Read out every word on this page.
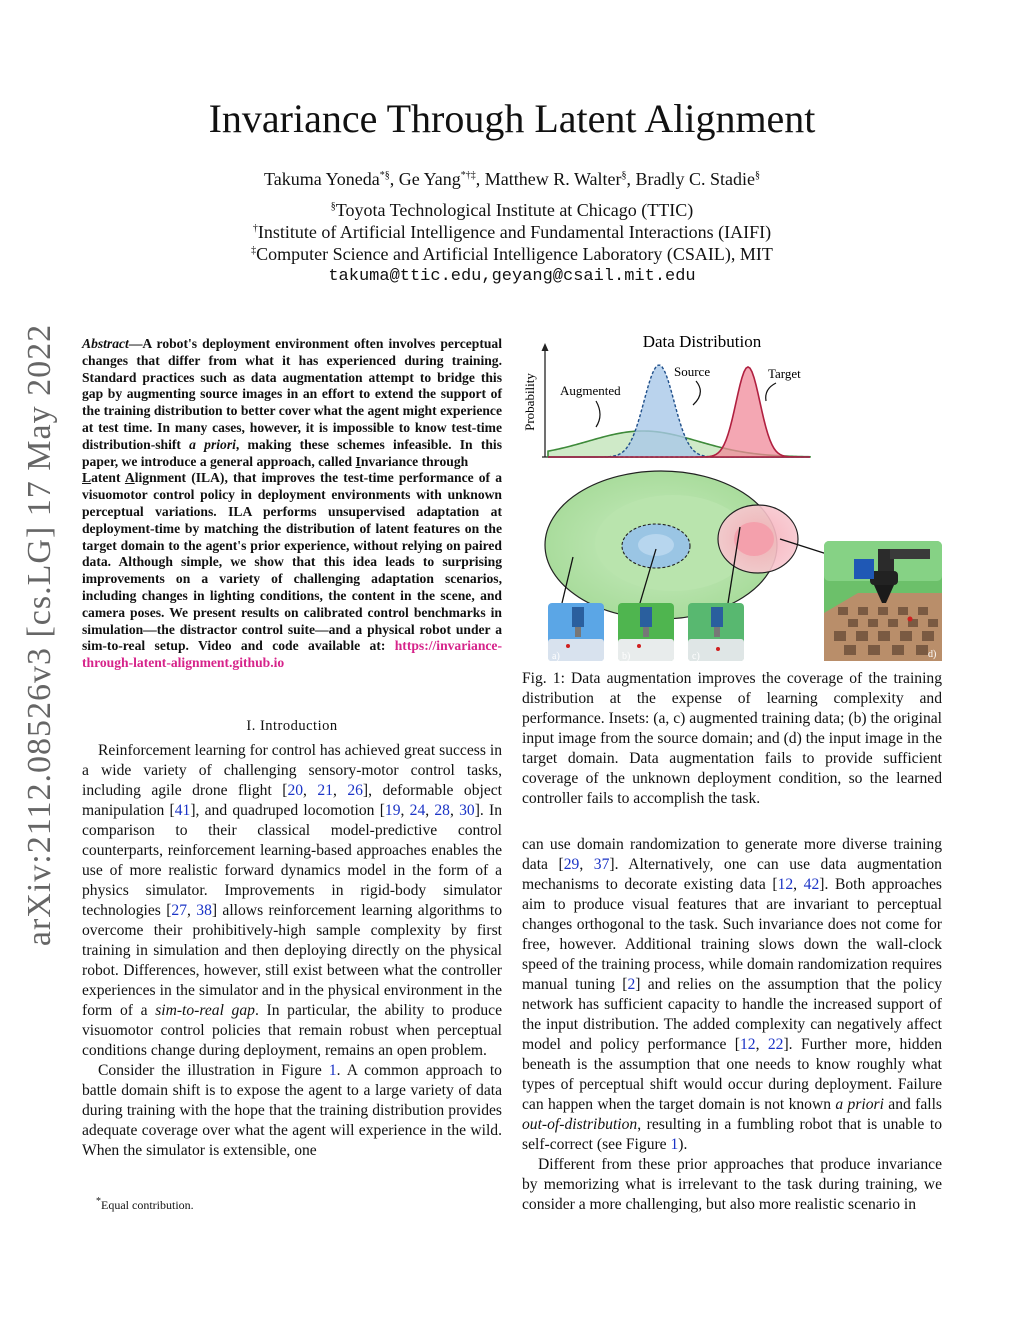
Invariance Through Latent Alignment
Takuma Yoneda*§, Ge Yang*†‡, Matthew R. Walter§, Bradly C. Stadie§
§Toyota Technological Institute at Chicago (TTIC)
†Institute of Artificial Intelligence and Fundamental Interactions (IAIFI)
‡Computer Science and Artificial Intelligence Laboratory (CSAIL), MIT
takuma@ttic.edu,geyang@csail.mit.edu
arXiv:2112.08526v3 [cs.LG] 17 May 2022 Abstract—A robot's deployment environment often involves perceptual changes that differ from what it has experienced during training. Standard practices such as data augmentation attempt to bridge this gap by augmenting source images in an effort to extend the support of the training distribution to better cover what the agent might experience at test time. In many cases, however, it is impossible to know test-time distribution-shift a priori, making these schemes infeasible. In this paper, we introduce a general approach, called Invariance through
Latent Alignment (ILA), that improves the test-time performance of a visuomotor control policy in deployment environments with unknown perceptual variations. ILA performs unsupervised adaptation at deployment-time by matching the distribution of latent features on the target domain to the agent's prior experience, without relying on paired data. Although simple, we show that this idea leads to surprising improvements on a variety of challenging adaptation scenarios, including changes in lighting conditions, the content in the scene, and camera poses. We present results on calibrated control benchmarks in simulation—the distractor control suite—and a physical robot under a sim-to-real setup. Video and code available at: https://invariance-through-latent-alignment.github.io
I. Introduction

Reinforcement learning for control has achieved great success in a wide variety of challenging sensory-motor control tasks, including agile drone flight [20, 21, 26], deformable object manipulation [41], and quadruped locomotion [19, 24, 28, 30]. In comparison to their classical model-predictive control counterparts, reinforcement learning-based approaches enables the use of more realistic forward dynamics model in the form of a physics simulator. Improvements in rigid-body simulator technologies [27, 38] allows reinforcement learning algorithms to overcome their prohibitively-high sample complexity by first training in simulation and then deploying directly on the physical robot. Differences, however, still exist between what the controller experiences in the simulator and in the physical environment in the form of a sim-to-real gap. In particular, the ability to produce visuomotor control policies that remain robust when perceptual conditions change during deployment, remains an open problem.

Consider the illustration in Figure 1. A common approach to battle domain shift is to expose the agent to a large variety of data during training with the hope that the training distribution provides adequate coverage over what the agent will experience in the wild. When the simulator is extensible, one

*Equal contribution.
Data Distribution
Probability Augmented
Source	Target
a)	b)	c)	d)
Fig. 1: Data augmentation improves the coverage of the training distribution at the expense of learning complexity and performance. Insets: (a, c) augmented training data; (b) the original input image from the source domain; and (d) the input image in the target domain. Data augmentation fails to provide sufficient coverage of the unknown deployment condition, so the learned controller fails to accomplish the task.

can use domain randomization to generate more diverse training data [29, 37]. Alternatively, one can use data augmentation mechanisms to decorate existing data [12, 42]. Both approaches aim to produce visual features that are invariant to perceptual changes orthogonal to the task. Such invariance does not come for free, however. Additional training slows down the wall-clock speed of the training process, while domain randomization requires manual tuning [2] and relies on the assumption that the policy network has sufficient capacity to handle the increased support of the input distribution. The added complexity can negatively affect model and policy performance [12, 22]. Further more, hidden beneath is the assumption that one needs to know roughly what types of perceptual shift would occur during deployment. Failure can happen when the target domain is not known a priori and falls out-of-distribution, resulting in a fumbling robot that is unable to self-correct (see Figure 1).

Different from these prior approaches that produce invariance by memorizing what is irrelevant to the task during training, we consider a more challenging, but also more realistic scenario in
